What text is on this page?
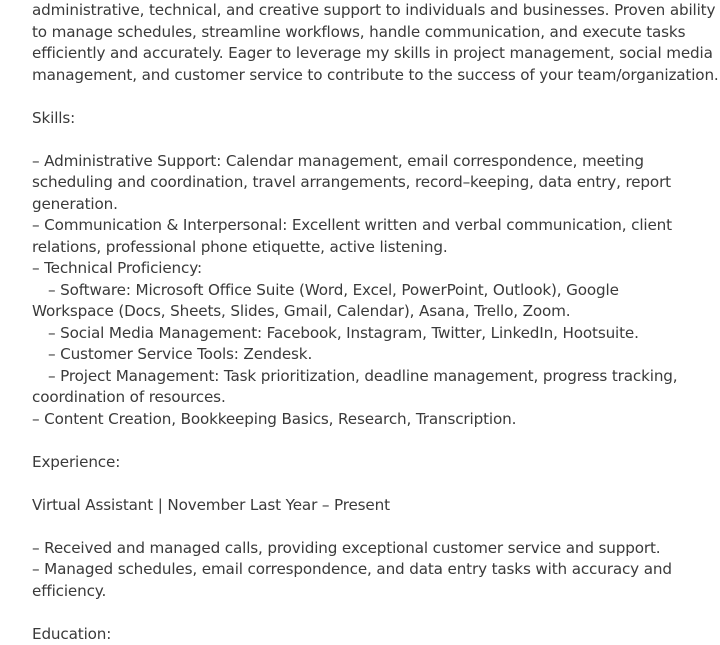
administrative, technical, and creative support to individuals and businesses. Proven ability
to manage schedules, streamline workflows, handle communication, and execute tasks
efficiently and accurately. Eager to leverage my skills in project management, social media
management, and customer service to contribute to the success of your team/organization.
Skills:
– Administrative Support: Calendar management, email correspondence, meeting
scheduling and coordination, travel arrangements, record–keeping, data entry, report
generation.
– Communication & Interpersonal: Excellent written and verbal communication, client
relations, professional phone etiquette, active listening.
– Technical Proficiency:
– Software: Microsoft Office Suite (Word, Excel, PowerPoint, Outlook), Google
Workspace (Docs, Sheets, Slides, Gmail, Calendar), Asana, Trello, Zoom.
– Social Media Management: Facebook, Instagram, Twitter, LinkedIn, Hootsuite.
– Customer Service Tools: Zendesk.
– Project Management: Task prioritization, deadline management, progress tracking,
coordination of resources.
– Content Creation, Bookkeeping Basics, Research, Transcription.
Experience:
Virtual Assistant | November Last Year – Present
– Received and managed calls, providing exceptional customer service and support.
– Managed schedules, email correspondence, and data entry tasks with accuracy and
efficiency.
Education:
